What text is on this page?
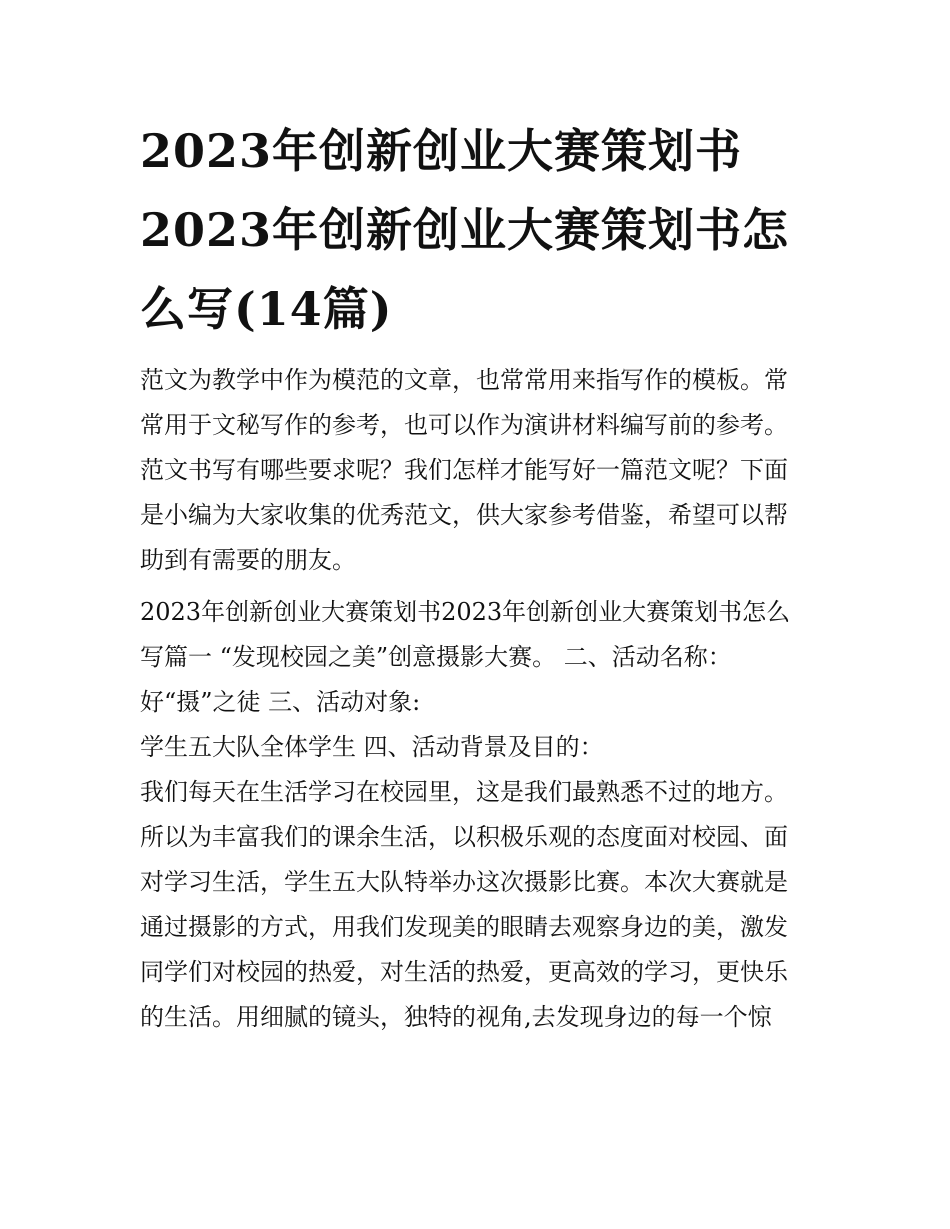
2023年创新创业大赛策划书
2023年创新创业大赛策划书怎
么写(14篇)
范文为教学中作为模范的文章，也常常用来指写作的模板。常
常用于文秘写作的参考，也可以作为演讲材料编写前的参考。
范文书写有哪些要求呢？我们怎样才能写好一篇范文呢？下面
是小编为大家收集的优秀范文，供大家参考借鉴，希望可以帮
助到有需要的朋友。
2023年创新创业大赛策划书2023年创新创业大赛策划书怎么
写篇一 “发现校园之美”创意摄影大赛。 二、活动名称：
好“摄”之徒 三、活动对象:
学生五大队全体学生 四、活动背景及目的：
我们每天在生活学习在校园里，这是我们最熟悉不过的地方。
所以为丰富我们的课余生活，以积极乐观的态度面对校园、面
对学习生活，学生五大队特举办这次摄影比赛。本次大赛就是
通过摄影的方式，用我们发现美的眼睛去观察身边的美，激发
同学们对校园的热爱，对生活的热爱，更高效的学习，更快乐
的生活。用细腻的镜头，独特的视角,去发现身边的每一个惊
